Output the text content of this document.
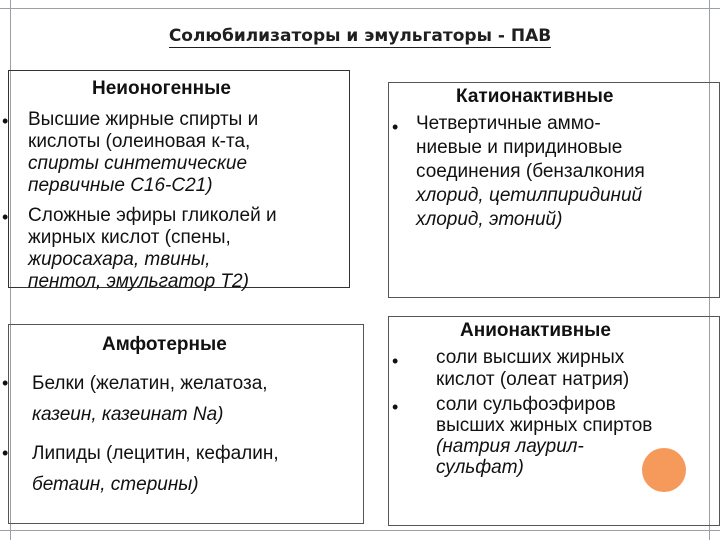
Солюбилизаторы и эмульгаторы - ПАВ
Неионогенные
• Высшие жирные спирты и
кислоты (олеиновая к-та,
спирты синтетические
первичные С16-С21)
• Сложные эфиры гликолей и
жирных кислот (спены,
жиросахара, твины,
пентол, эмульгатор Т2)
Катионактивные
• Четвертичные аммо-
ниевые и пиридиновые
соединения (бензалкония
хлорид, цетилпиридиний
хлорид, этоний)
Амфотерные
• Белки (желатин, желатоза,
казеин, казеинат Na)
• Липиды (лецитин, кефалин,
бетаин, стерины)
Анионактивные
• соли высших жирных
кислот (олеат натрия)
• соли сульфоэфиров
высших жирных спиртов
(натрия лаурил-
сульфат)
